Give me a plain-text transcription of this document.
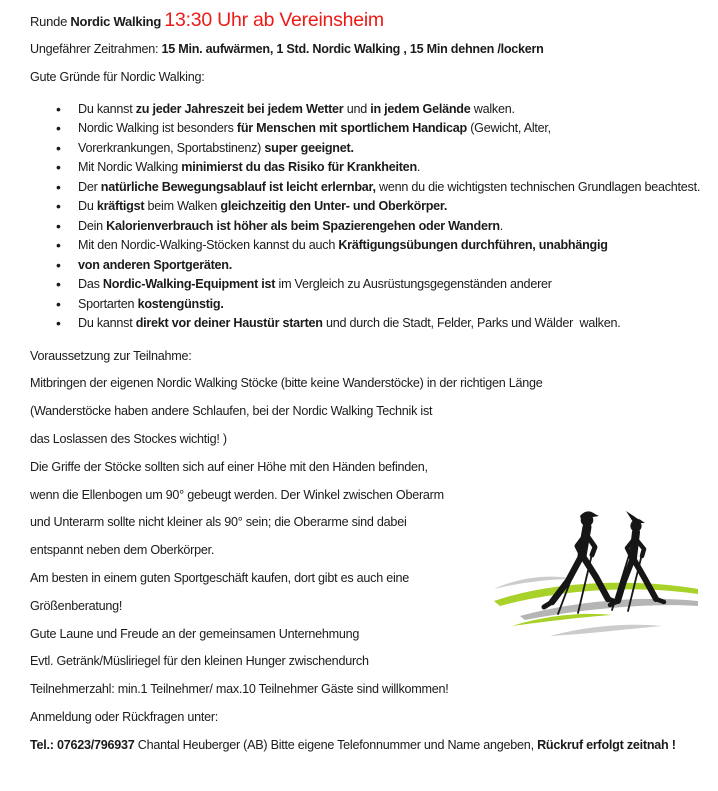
Runde Nordic Walking 13:30 Uhr ab Vereinsheim

Ungefährer Zeitrahmen: 15 Min. aufwärmen, 1 Std. Nordic Walking , 15 Min dehnen /lockern

Gute Gründe für Nordic Walking:

• Du kannst zu jeder Jahreszeit bei jedem Wetter und in jedem Gelände walken.
• Nordic Walking ist besonders für Menschen mit sportlichem Handicap (Gewicht, Alter,
• Vorerkrankungen, Sportabstinenz) super geeignet.
• Mit Nordic Walking minimierst du das Risiko für Krankheiten.
• Der natürliche Bewegungsablauf ist leicht erlernbar, wenn du die wichtigsten technischen Grundlagen beachtest.
• Du kräftigst beim Walken gleichzeitig den Unter- und Oberkörper.
• Dein Kalorienverbrauch ist höher als beim Spazierengehen oder Wandern.
• Mit den Nordic-Walking-Stöcken kannst du auch Kräftigungsübungen durchführen, unabhängig
• von anderen Sportgeräten.
• Das Nordic-Walking-Equipment ist im Vergleich zu Ausrüstungsgegenständen anderer
• Sportarten kostengünstig.
• Du kannst direkt vor deiner Haustür starten und durch die Stadt, Felder, Parks und Wälder  walken.

Voraussetzung zur Teilnahme:

Mitbringen der eigenen Nordic Walking Stöcke (bitte keine Wanderstöcke) in der richtigen Länge

(Wanderstöcke haben andere Schlaufen, bei der Nordic Walking Technik ist

das Loslassen des Stockes wichtig! )

Die Griffe der Stöcke sollten sich auf einer Höhe mit den Händen befinden,

wenn die Ellenbogen um 90° gebeugt werden. Der Winkel zwischen Oberarm

und Unterarm sollte nicht kleiner als 90° sein; die Oberarme sind dabei

entspannt neben dem Oberkörper.

Am besten in einem guten Sportgeschäft kaufen, dort gibt es auch eine

Größenberatung!

Gute Laune und Freude an der gemeinsamen Unternehmung

Evtl. Getränk/Müsliriegel für den kleinen Hunger zwischendurch

Teilnehmerzahl: min.1 Teilnehmer/ max.10 Teilnehmer Gäste sind willkommen!

Anmeldung oder Rückfragen unter:

Tel.: 07623/796937 Chantal Heuberger (AB) Bitte eigene Telefonnummer und Name angeben, Rückruf erfolgt zeitnah !
